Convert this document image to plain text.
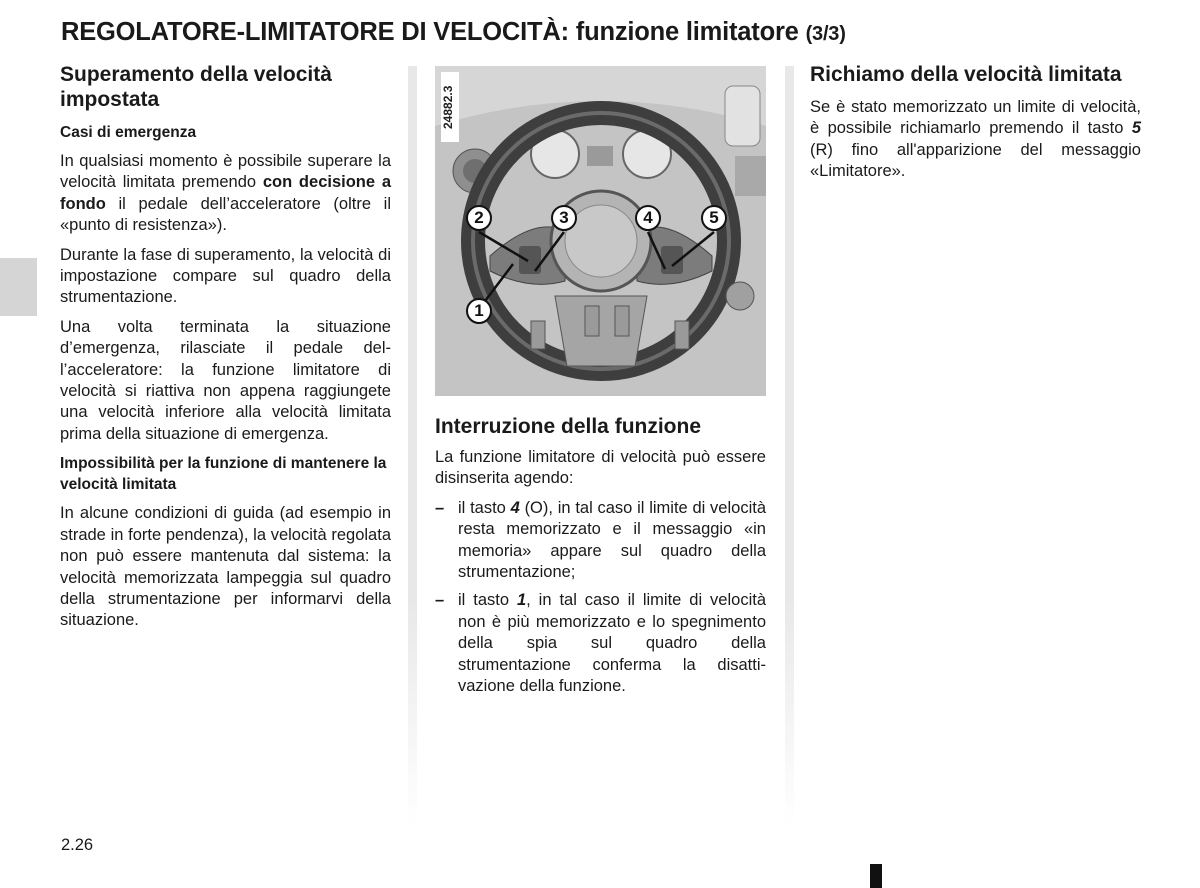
REGOLATORE-LIMITATORE DI VELOCITÀ: funzione limitatore (3/3)
Superamento della velocità impostata
Casi di emergenza

In qualsiasi momento è possibile superare la velocità limitata premendo con decisione a fondo il pedale dell’acceleratore (oltre il «punto di resistenza»).

Durante la fase di superamento, la velocità di impostazione compare sul quadro della strumentazione.

Una volta terminata la situazione d’emergenza, rilasciate il pedale dell’acceleratore: la funzione limitatore di velocità si riattiva non appena raggiungete una velocità inferiore alla velocità limitata prima della situazione di emergenza.

Impossibilità per la funzione di mantenere la velocità limitata

In alcune condizioni di guida (ad esempio in strade in forte pendenza), la velocità regolata non può essere mantenuta dal sistema: la velocità memorizzata lampeggia sul quadro della strumentazione per informarvi della situazione.

24882.3
2	3	4	5
1
Interruzione della funzione

La funzione limitatore di velocità può essere disinserita agendo:

– il tasto 4 (O), in tal caso il limite di velocità resta memorizzato e il messaggio «in memoria» appare sul quadro della strumentazione;
– il tasto 1, in tal caso il limite di velocità non è più memorizzato e lo spegnimento della spia sul quadro della strumentazione conferma la disattivazione della funzione.
Richiamo della velocità limitata

Se è stato memorizzato un limite di velocità, è possibile richiamarlo premendo il tasto 5 (R) fino all'apparizione del messaggio «Limitatore».

2.26
